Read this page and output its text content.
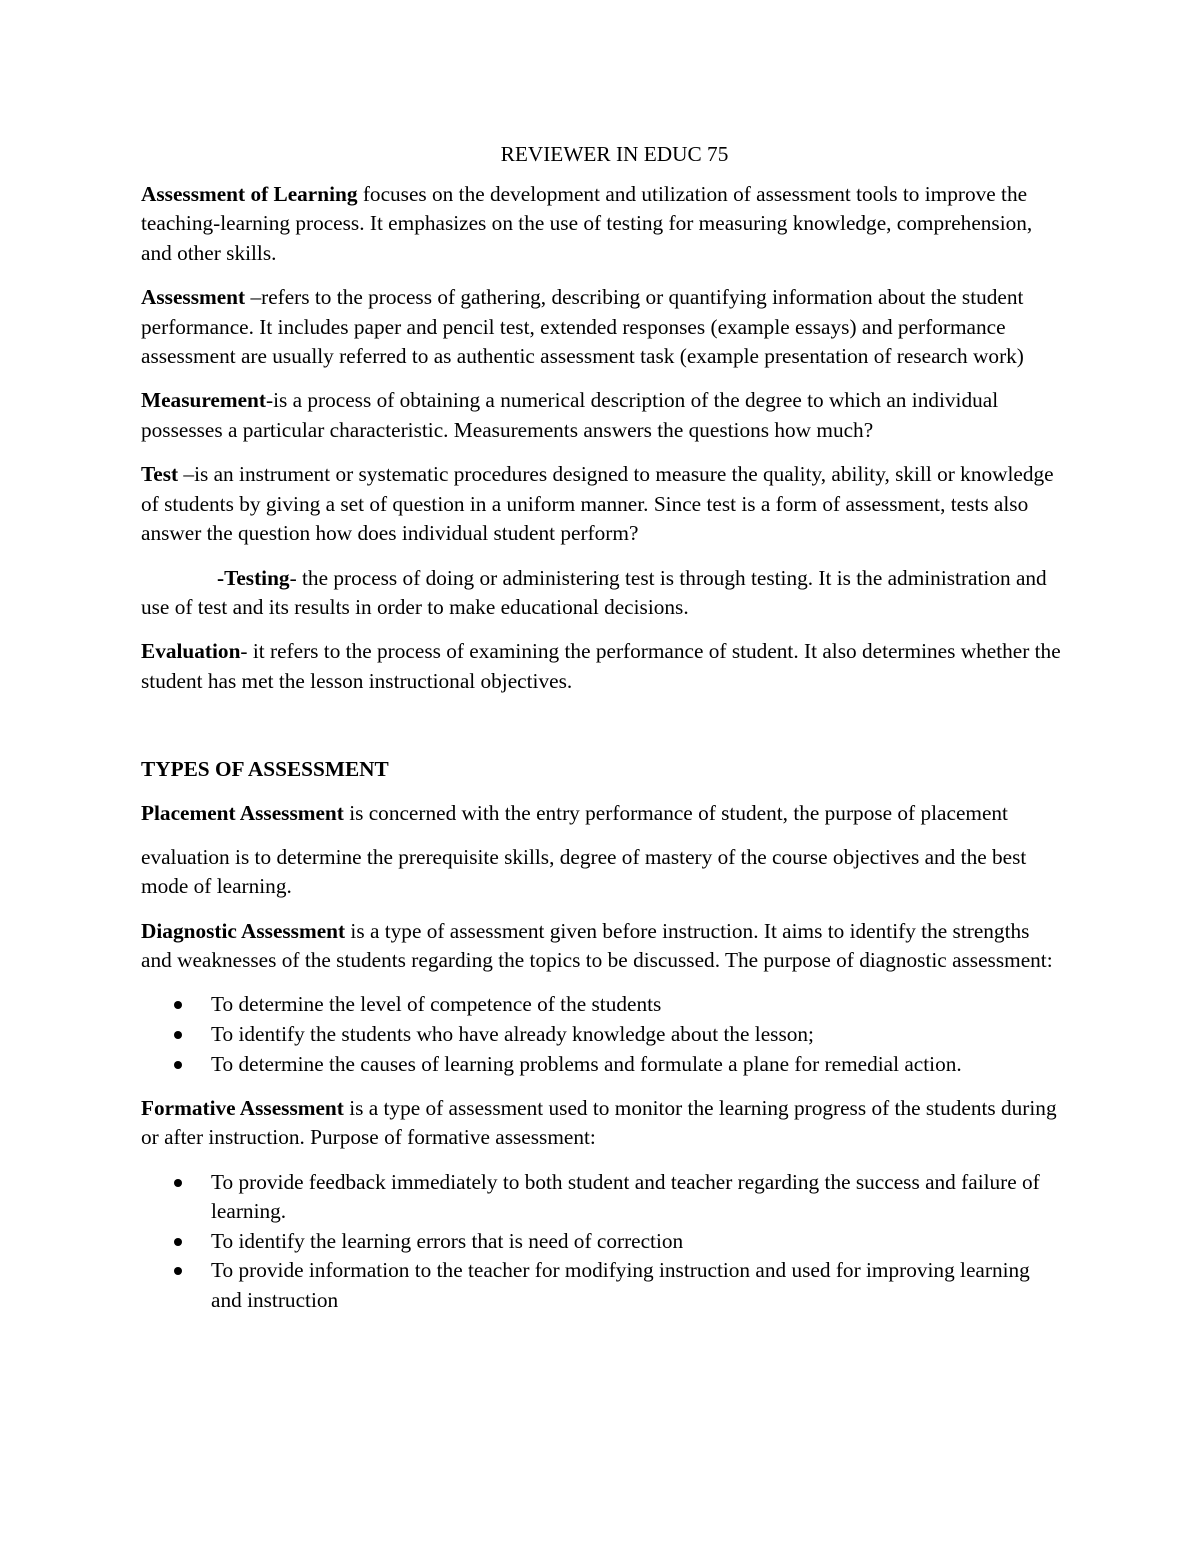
REVIEWER IN EDUC 75

Assessment of Learning focuses on the development and utilization of assessment tools to improve the teaching-learning process. It emphasizes on the use of testing for measuring knowledge, comprehension, and other skills.

Assessment –refers to the process of gathering, describing or quantifying information about the student performance. It includes paper and pencil test, extended responses (example essays) and performance assessment are usually referred to as authentic assessment task (example presentation of research work)

Measurement-is a process of obtaining a numerical description of the degree to which an individual possesses a particular characteristic. Measurements answers the questions how much?

Test –is an instrument or systematic procedures designed to measure the quality, ability, skill or knowledge of students by giving a set of question in a uniform manner. Since test is a form of assessment, tests also answer the question how does individual student perform?

-Testing- the process of doing or administering test is through testing. It is the administration and use of test and its results in order to make educational decisions.

Evaluation- it refers to the process of examining the performance of student. It also determines whether the student has met the lesson instructional objectives.

TYPES OF ASSESSMENT

Placement Assessment is concerned with the entry performance of student, the purpose of placement

evaluation is to determine the prerequisite skills, degree of mastery of the course objectives and the best mode of learning.

Diagnostic Assessment is a type of assessment given before instruction. It aims to identify the strengths and weaknesses of the students regarding the topics to be discussed. The purpose of diagnostic assessment:

To determine the level of competence of the students
To identify the students who have already knowledge about the lesson;
To determine the causes of learning problems and formulate a plane for remedial action.

Formative Assessment is a type of assessment used to monitor the learning progress of the students during or after instruction. Purpose of formative assessment:

To provide feedback immediately to both student and teacher regarding the success and failure of learning.
To identify the learning errors that is need of correction
To provide information to the teacher for modifying instruction and used for improving learning and instruction
